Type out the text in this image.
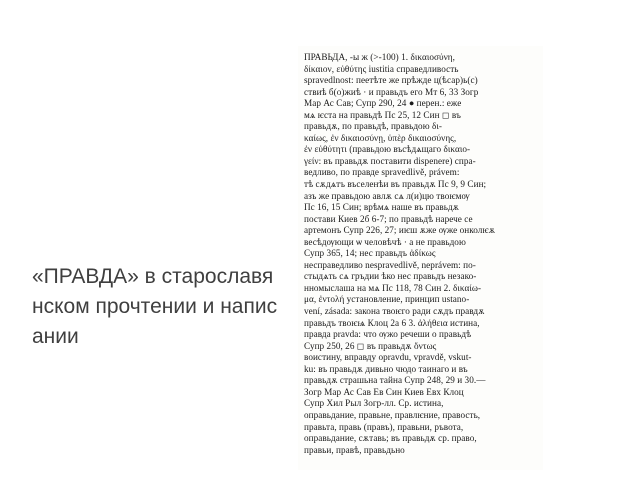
«ПРАВДА» в старославянском прочтении и написании
ПРАВЬДА, -ы ж (>-100) 1. δικαιοσύνη,
δίκαιον, εὐθύτης iustitia справедливость
spravedlnost: пеетѣте же прѣжде ц(ѣсар)ь(с)
ствиѣ б(о)жиѣ · и правьдъ его Мт 6, 33 Зогр
Мар Ас Сав; Супр 290, 24 ● перен.: еже
мѧ ѥста на правьдѣ Пс 25, 12 Син ◻ въ
правьдѫ, по правьдѣ, правьдою δι-
καίως, ἐν δικαιοσύνῃ, ὑπὲρ δικαιοσύνης,
ἐν εὐθύτητι (правьдою въсѣдѧщаго δικαιο-
γείν: въ правьдѫ поставити dispenere) спра-
ведливо, по правде spravedlivě, právem:
тѣ сѫдѧтъ въселенѣи въ правьдѫ Пс 9, 9 Син;
азъ же правьдою авлѫ сѧ л(и)цю твоѥмѹ
Пс 16, 15 Син; врѣмѧ наше въ правьдѫ
постави Киев 2б 6-7; по правьдѣ нарече се
артемонъ Супр 226, 27; иѥш ѫже ѹже онколѥѫ
весѣдѹющи ѡ человѣчѣ · а не правьдою
Супр 365, 14; нес правьдъ ἀδίκως
несправедливо nesprаvedlivě, neprávem: по-
стыдѧть сѧ гръдии ѣко нес правьдъ незако-
нномыслаша на мѧ Пс 118, 78 Син 2. δικαίω-
μα, ἐντολή установление, принцип ustano-
vení, zásada: закона твоѥго ради сѫдъ правдѫ
правьдъ твоѥѩ Клоц 2а 6 3. ἀλήθεια истина,
правда pravda: что ѹжо речеши о правьдѣ
Супр 250, 26 ◻ въ правьдѫ ὄντως
воистину, вправду opravdu, vpravdě, vskut-
ku: въ правьдѫ дивьно чюдо таинаго и въ
правьдѫ страшьна тайна Супр 248, 29 и 30.—
Зогр Мар Ас Сав Ев Син Киев Евх Клоц
Супр Хил Рыл Зогр-лл. Ср. истина,
оправьдание, правьне, правлѥние, правость,
правьта, правь (правъ), правьни, ръвота,
оправьдание, сѫтавь; въ правьдѫ ср. право,
правьи, правѣ, правьдьно
